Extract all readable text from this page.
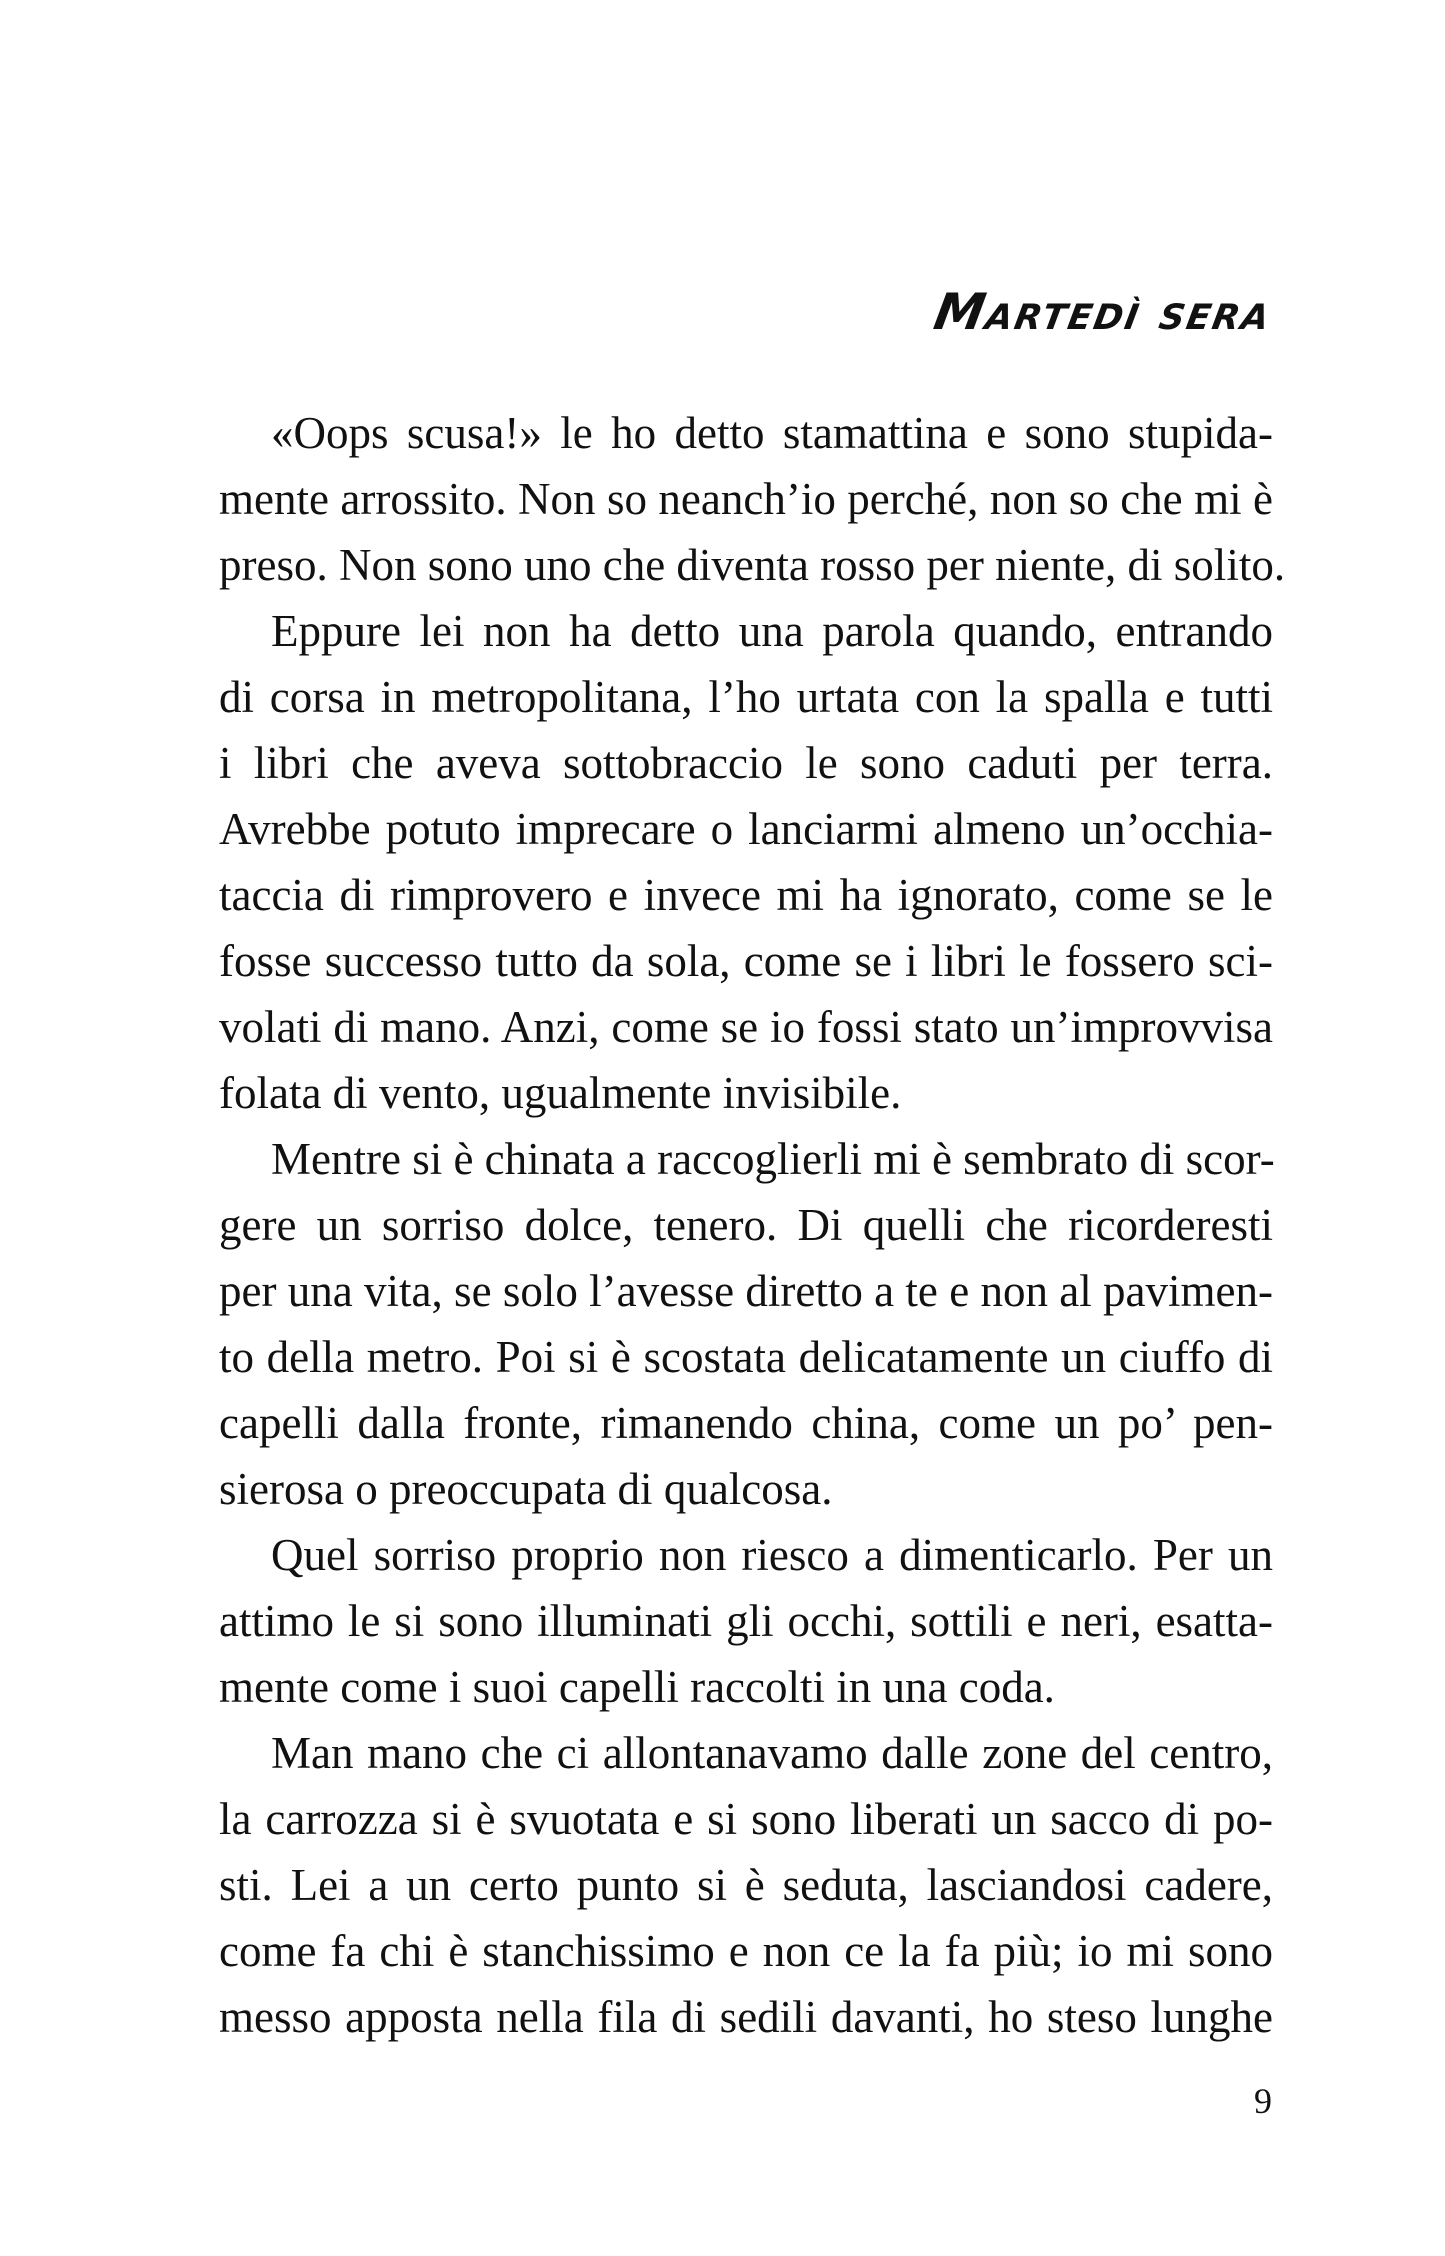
Martedì sera
«Oops scusa!» le ho detto stamattina e sono stupida-
mente arrossito. Non so neanch’io perché, non so che mi è
preso. Non sono uno che diventa rosso per niente, di solito.
Eppure lei non ha detto una parola quando, entrando
di corsa in metropolitana, l’ho urtata con la spalla e tutti
i libri che aveva sottobraccio le sono caduti per terra.
Avrebbe potuto imprecare o lanciarmi almeno un’occhia-
taccia di rimprovero e invece mi ha ignorato, come se le
fosse successo tutto da sola, come se i libri le fossero sci-
volati di mano. Anzi, come se io fossi stato un’improvvisa
folata di vento, ugualmente invisibile.
Mentre si è chinata a raccoglierli mi è sembrato di scor-
gere un sorriso dolce, tenero. Di quelli che ricorderesti
per una vita, se solo l’avesse diretto a te e non al pavimen-
to della metro. Poi si è scostata delicatamente un ciuffo di
capelli dalla fronte, rimanendo china, come un po’ pen-
sierosa o preoccupata di qualcosa.
Quel sorriso proprio non riesco a dimenticarlo. Per un
attimo le si sono illuminati gli occhi, sottili e neri, esatta-
mente come i suoi capelli raccolti in una coda.
Man mano che ci allontanavamo dalle zone del centro,
la carrozza si è svuotata e si sono liberati un sacco di po-
sti. Lei a un certo punto si è seduta, lasciandosi cadere,
come fa chi è stanchissimo e non ce la fa più; io mi sono
messo apposta nella fila di sedili davanti, ho steso lunghe
9
